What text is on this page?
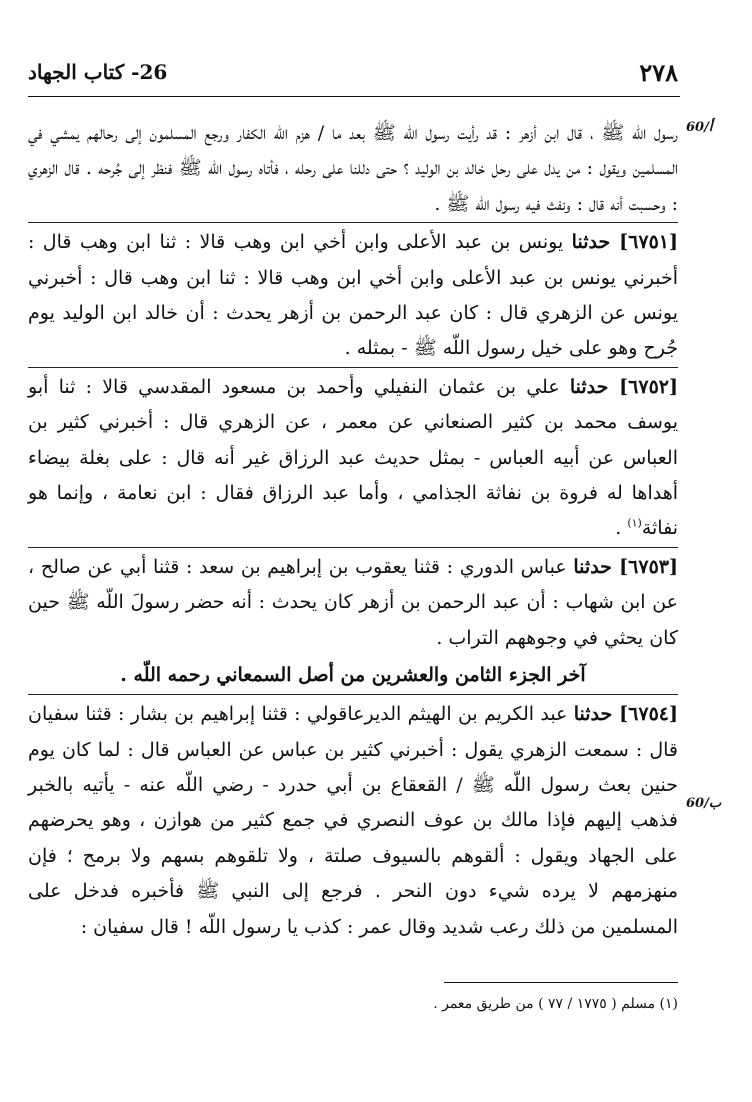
٢٧٨
26- كتاب الجهاد
60/أ
60/ب

رسول اللّه ﷺ ، قال ابن أزهر : قد رأيت رسول اللّه ﷺ بعد ما / هزم اللّه الكفار ورجع المسلمون إلى رحالهم يمشي في المسلمين ويقول : من يدل على رحل خالد بن الوليد ؟ حتى دللنا على رحله ، فأتاه رسول اللّه ﷺ فنظر إلى جُرحه . قال الزهري : وحسبت أنه قال : ونفث فيه رسول اللّه ﷺ .

[٦٧٥١] حدثنا يونس بن عبد الأعلى وابن أخي ابن وهب قالا : ثنا ابن وهب قال : أخبرني يونس بن عبد الأعلى وابن أخي ابن وهب قالا : ثنا ابن وهب قال : أخبرني يونس عن الزهري قال : كان عبد الرحمن بن أزهر يحدث : أن خالد ابن الوليد يوم جُرح وهو على خيل رسول اللّه ﷺ - بمثله .

[٦٧٥٢] حدثنا علي بن عثمان النفيلي وأحمد بن مسعود المقدسي قالا : ثنا أبو يوسف محمد بن كثير الصنعاني عن معمر ، عن الزهري قال : أخبرني كثير بن العباس عن أبيه العباس - بمثل حديث عبد الرزاق غير أنه قال : على بغلة بيضاء أهداها له فروة بن نفاثة الجذامي ، وأما عبد الرزاق فقال : ابن نعامة ، وإنما هو نفاثة$^{(١)}$ .

[٦٧٥٣] حدثنا عباس الدوري : قثنا يعقوب بن إبراهيم بن سعد : قثنا أبي عن صالح ، عن ابن شهاب : أن عبد الرحمن بن أزهر كان يحدث : أنه حضر رسولَ اللّه ﷺ حين كان يحثي في وجوههم التراب .

آخر الجزء الثامن والعشرين من أصل السمعاني رحمه اللّه .

[٦٧٥٤] حدثنا عبد الكريم بن الهيثم الديرعاقولي : قثنا إبراهيم بن بشار : قثنا سفيان قال : سمعت الزهري يقول : أخبرني كثير بن عباس عن العباس قال : لما كان يوم حنين بعث رسول اللّه ﷺ / القعقاع بن أبي حدرد - رضي اللّه عنه - يأتيه بالخبر فذهب إليهم فإذا مالك بن عوف النصري في جمع كثير من هوازن ، وهو يحرضهم على الجهاد ويقول : ألقوهم بالسيوف صلتة ، ولا تلقوهم بسهم ولا برمح ؛ فإن منهزمهم لا يرده شيء دون النحر . فرجع إلى النبي ﷺ فأخبره فدخل على المسلمين من ذلك رعب شديد وقال عمر : كذب يا رسول اللّه ! قال سفيان :

(١) مسلم ( ١٧٧٥ / ٧٧ ) من طريق معمر .
